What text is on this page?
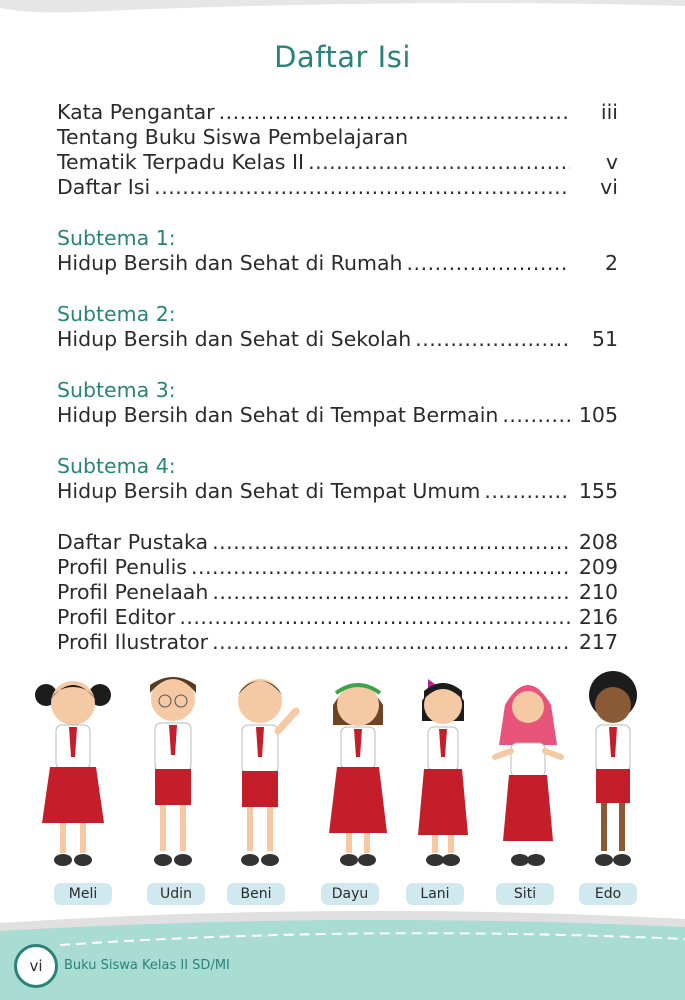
Daftar Isi
Kata Pengantar .....	iii
Tentang Buku Siswa Pembelajaran
Tematik Terpadu Kelas II .....	v
Daftar Isi .....	vi
Subtema 1:
Hidup Bersih dan Sehat di Rumah .....	2
Subtema 2:
Hidup Bersih dan Sehat di Sekolah .....	51
Subtema 3:
Hidup Bersih dan Sehat di Tempat Bermain .....	105
Subtema 4:
Hidup Bersih dan Sehat di Tempat Umum .....	155
Daftar Pustaka .....	208
Profil Penulis .....	209
Profil Penelaah .....	210
Profil Editor .....	216
Profil Ilustrator .....	217
Meli	Udin	Beni	Dayu	Lani	Siti	Edo
vi	Buku Siswa Kelas II SD/MI
